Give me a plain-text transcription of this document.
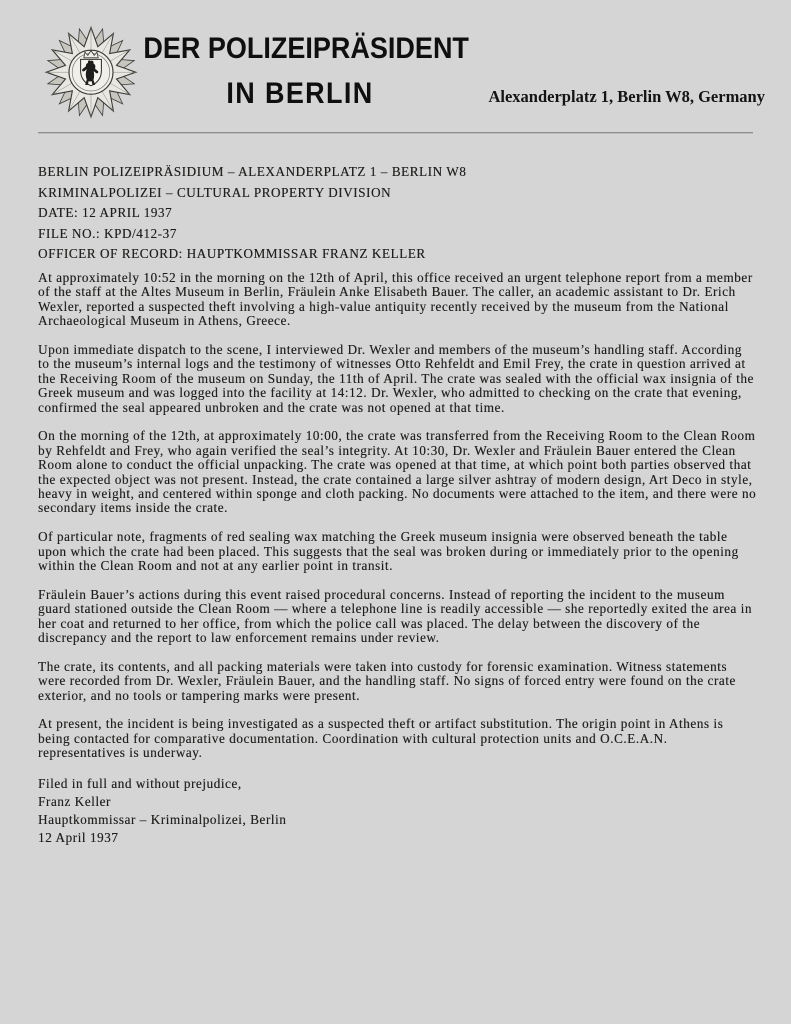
DER POLIZEIPRÄSIDENT
IN BERLIN	Alexanderplatz 1, Berlin W8, Germany
BERLIN POLIZEIPRÄSIDIUM – ALEXANDERPLATZ 1 – BERLIN W8
KRIMINALPOLIZEI – CULTURAL PROPERTY DIVISION
DATE: 12 APRIL 1937
FILE NO.: KPD/412-37
OFFICER OF RECORD: HAUPTKOMMISSAR FRANZ KELLER

At approximately 10:52 in the morning on the 12th of April, this office received an urgent telephone report from a member of the staff at the Altes Museum in Berlin, Fräulein Anke Elisabeth Bauer. The caller, an academic assistant to Dr. Erich Wexler, reported a suspected theft involving a high-value antiquity recently received by the museum from the National Archaeological Museum in Athens, Greece.

Upon immediate dispatch to the scene, I interviewed Dr. Wexler and members of the museum’s handling staff. According to the museum’s internal logs and the testimony of witnesses Otto Rehfeldt and Emil Frey, the crate in question arrived at the Receiving Room of the museum on Sunday, the 11th of April. The crate was sealed with the official wax insignia of the Greek museum and was logged into the facility at 14:12. Dr. Wexler, who admitted to checking on the crate that evening, confirmed the seal appeared unbroken and the crate was not opened at that time.

On the morning of the 12th, at approximately 10:00, the crate was transferred from the Receiving Room to the Clean Room by Rehfeldt and Frey, who again verified the seal’s integrity. At 10:30, Dr. Wexler and Fräulein Bauer entered the Clean Room alone to conduct the official unpacking. The crate was opened at that time, at which point both parties observed that the expected object was not present. Instead, the crate contained a large silver ashtray of modern design, Art Deco in style, heavy in weight, and centered within sponge and cloth packing. No documents were attached to the item, and there were no secondary items inside the crate.

Of particular note, fragments of red sealing wax matching the Greek museum insignia were observed beneath the table upon which the crate had been placed. This suggests that the seal was broken during or immediately prior to the opening within the Clean Room and not at any earlier point in transit.

Fräulein Bauer’s actions during this event raised procedural concerns. Instead of reporting the incident to the museum guard stationed outside the Clean Room — where a telephone line is readily accessible — she reportedly exited the area in her coat and returned to her office, from which the police call was placed. The delay between the discovery of the discrepancy and the report to law enforcement remains under review.

The crate, its contents, and all packing materials were taken into custody for forensic examination. Witness statements were recorded from Dr. Wexler, Fräulein Bauer, and the handling staff. No signs of forced entry were found on the crate exterior, and no tools or tampering marks were present.

At present, the incident is being investigated as a suspected theft or artifact substitution. The origin point in Athens is being contacted for comparative documentation. Coordination with cultural protection units and O.C.E.A.N. representatives is underway.

Filed in full and without prejudice,
Franz Keller
Hauptkommissar – Kriminalpolizei, Berlin
12 April 1937
